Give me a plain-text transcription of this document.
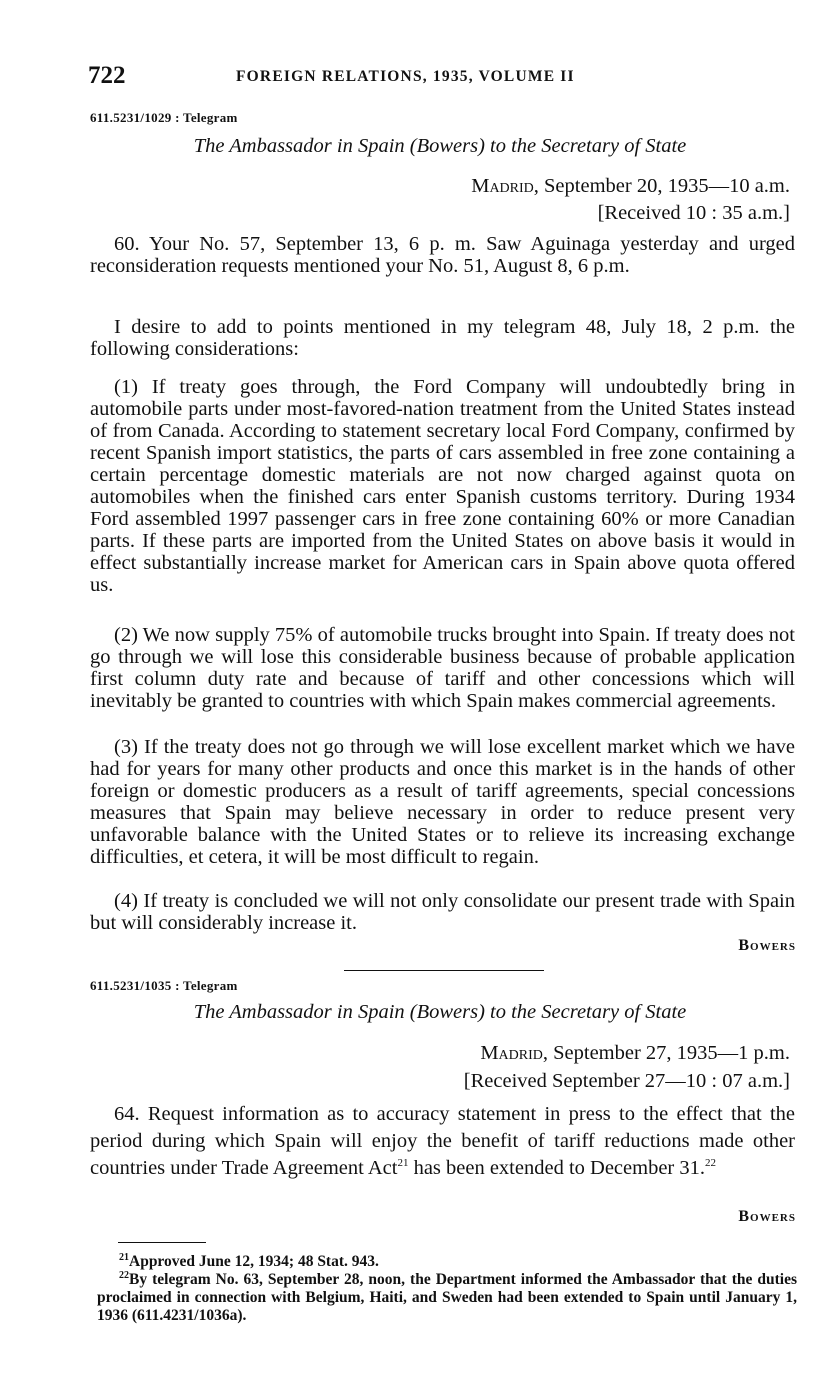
722	FOREIGN RELATIONS, 1935, VOLUME II
611.5231/1029 : Telegram
The Ambassador in Spain (Bowers) to the Secretary of State
Madrid, September 20, 1935—10 a.m.
[Received 10 : 35 a.m.]

60. Your No. 57, September 13, 6 p. m. Saw Aguinaga yesterday and urged reconsideration requests mentioned your No. 51, August 8, 6 p.m.

I desire to add to points mentioned in my telegram 48, July 18, 2 p.m. the following considerations:

(1) If treaty goes through, the Ford Company will undoubtedly bring in automobile parts under most-favored-nation treatment from the United States instead of from Canada. According to statement secretary local Ford Company, confirmed by recent Spanish import statistics, the parts of cars assembled in free zone containing a certain percentage domestic materials are not now charged against quota on automobiles when the finished cars enter Spanish customs territory. During 1934 Ford assembled 1997 passenger cars in free zone containing 60% or more Canadian parts. If these parts are imported from the United States on above basis it would in effect substantially increase market for American cars in Spain above quota offered us.

(2) We now supply 75% of automobile trucks brought into Spain. If treaty does not go through we will lose this considerable business because of probable application first column duty rate and because of tariff and other concessions which will inevitably be granted to countries with which Spain makes commercial agreements.

(3) If the treaty does not go through we will lose excellent market which we have had for years for many other products and once this market is in the hands of other foreign or domestic producers as a result of tariff agreements, special concessions measures that Spain may believe necessary in order to reduce present very unfavorable balance with the United States or to relieve its increasing exchange difficulties, et cetera, it will be most difficult to regain.

(4) If treaty is concluded we will not only consolidate our present trade with Spain but will considerably increase it.

Bowers
611.5231/1035 : Telegram
The Ambassador in Spain (Bowers) to the Secretary of State
Madrid, September 27, 1935—1 p.m.
[Received September 27—10 : 07 a.m.]

64. Request information as to accuracy statement in press to the effect that the period during which Spain will enjoy the benefit of tariff reductions made other countries under Trade Agreement Act$^{21}$ has been extended to December 31.22

Bowers

$^{21}$Approved June 12, 1934; 48 Stat. 943.

$^{22}$By telegram No. 63, September 28, noon, the Department informed the Ambassador that the duties proclaimed in connection with Belgium, Haiti, and Sweden had been extended to Spain until January 1, 1936 (611.4231/1036a).
